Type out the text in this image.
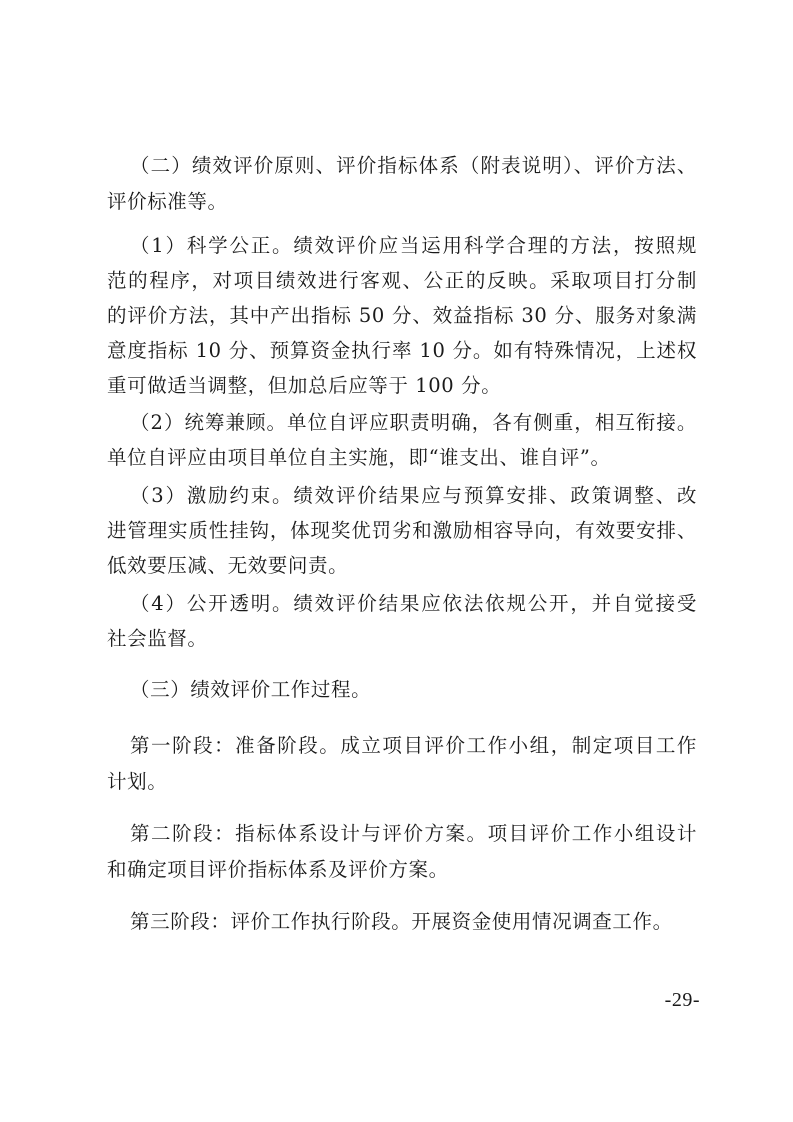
（二）绩效评价原则、评价指标体系（附表说明）、评价方法、
评价标准等。
（1）科学公正。绩效评价应当运用科学合理的方法，按照规
范的程序，对项目绩效进行客观、公正的反映。采取项目打分制
的评价方法，其中产出指标 50 分、效益指标 30 分、服务对象满
意度指标 10 分、预算资金执行率 10 分。如有特殊情况，上述权
重可做适当调整，但加总后应等于 100 分。
（2）统筹兼顾。单位自评应职责明确，各有侧重，相互衔接。
单位自评应由项目单位自主实施，即“谁支出、谁自评”。
（3）激励约束。绩效评价结果应与预算安排、政策调整、改
进管理实质性挂钩，体现奖优罚劣和激励相容导向，有效要安排、
低效要压减、无效要问责。
（4）公开透明。绩效评价结果应依法依规公开，并自觉接受
社会监督。
（三）绩效评价工作过程。
第一阶段：准备阶段。成立项目评价工作小组，制定项目工作
计划。
第二阶段：指标体系设计与评价方案。项目评价工作小组设计
和确定项目评价指标体系及评价方案。
第三阶段：评价工作执行阶段。开展资金使用情况调查工作。
-29-
